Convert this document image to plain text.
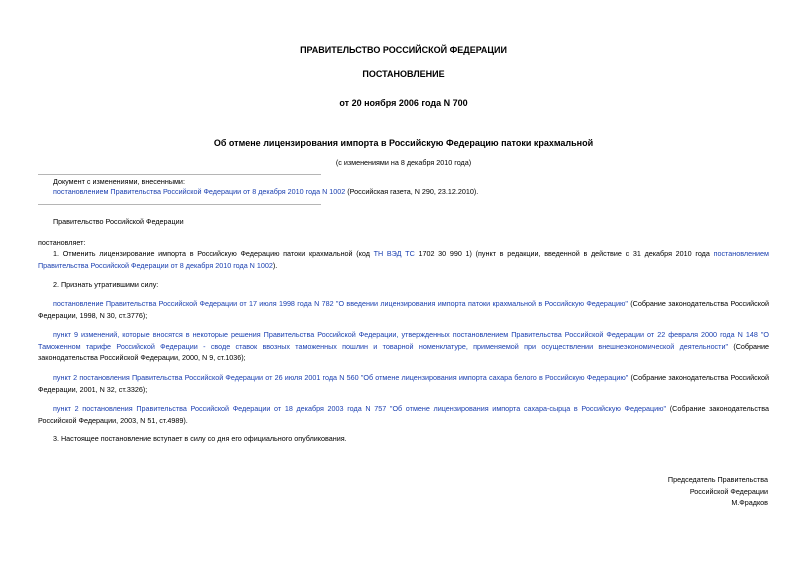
ПРАВИТЕЛЬСТВО РОССИЙСКОЙ ФЕДЕРАЦИИ
ПОСТАНОВЛЕНИЕ
от 20 ноября 2006 года N 700
Об отмене лицензирования импорта в Российскую Федерацию патоки крахмальной
(с изменениями на 8 декабря 2010 года)
Документ с изменениями, внесенными:
постановлением Правительства Российской Федерации от 8 декабря 2010 года N 1002 (Российская газета, N 290, 23.12.2010).
Правительство Российской Федерации
постановляет:
1. Отменить лицензирование импорта в Российскую Федерацию патоки крахмальной (код ТН ВЭД ТС 1702 30 990 1) (пункт в редакции, введенной в действие с 31 декабря 2010 года постановлением Правительства Российской Федерации от 8 декабря 2010 года N 1002).
2. Признать утратившими силу:
постановление Правительства Российской Федерации от 17 июля 1998 года N 782 "О введении лицензирования импорта патоки крахмальной в Российскую Федерацию" (Собрание законодательства Российской Федерации, 1998, N 30, ст.3776);
пункт 9 изменений, которые вносятся в некоторые решения Правительства Российской Федерации, утвержденных постановлением Правительства Российской Федерации от 22 февраля 2000 года N 148 "О Таможенном тарифе Российской Федерации - своде ставок ввозных таможенных пошлин и товарной номенклатуре, применяемой при осуществлении внешнеэкономической деятельности" (Собрание законодательства Российской Федерации, 2000, N 9, ст.1036);
пункт 2 постановления Правительства Российской Федерации от 26 июля 2001 года N 560 "Об отмене лицензирования импорта сахара белого в Российскую Федерацию" (Собрание законодательства Российской Федерации, 2001, N 32, ст.3326);
пункт 2 постановления Правительства Российской Федерации от 18 декабря 2003 года N 757 "Об отмене лицензирования импорта сахара-сырца в Российскую Федерацию" (Собрание законодательства Российской Федерации, 2003, N 51, ст.4989).
3. Настоящее постановление вступает в силу со дня его официального опубликования.
Председатель Правительства
Российской Федерации
М.Фрадков
